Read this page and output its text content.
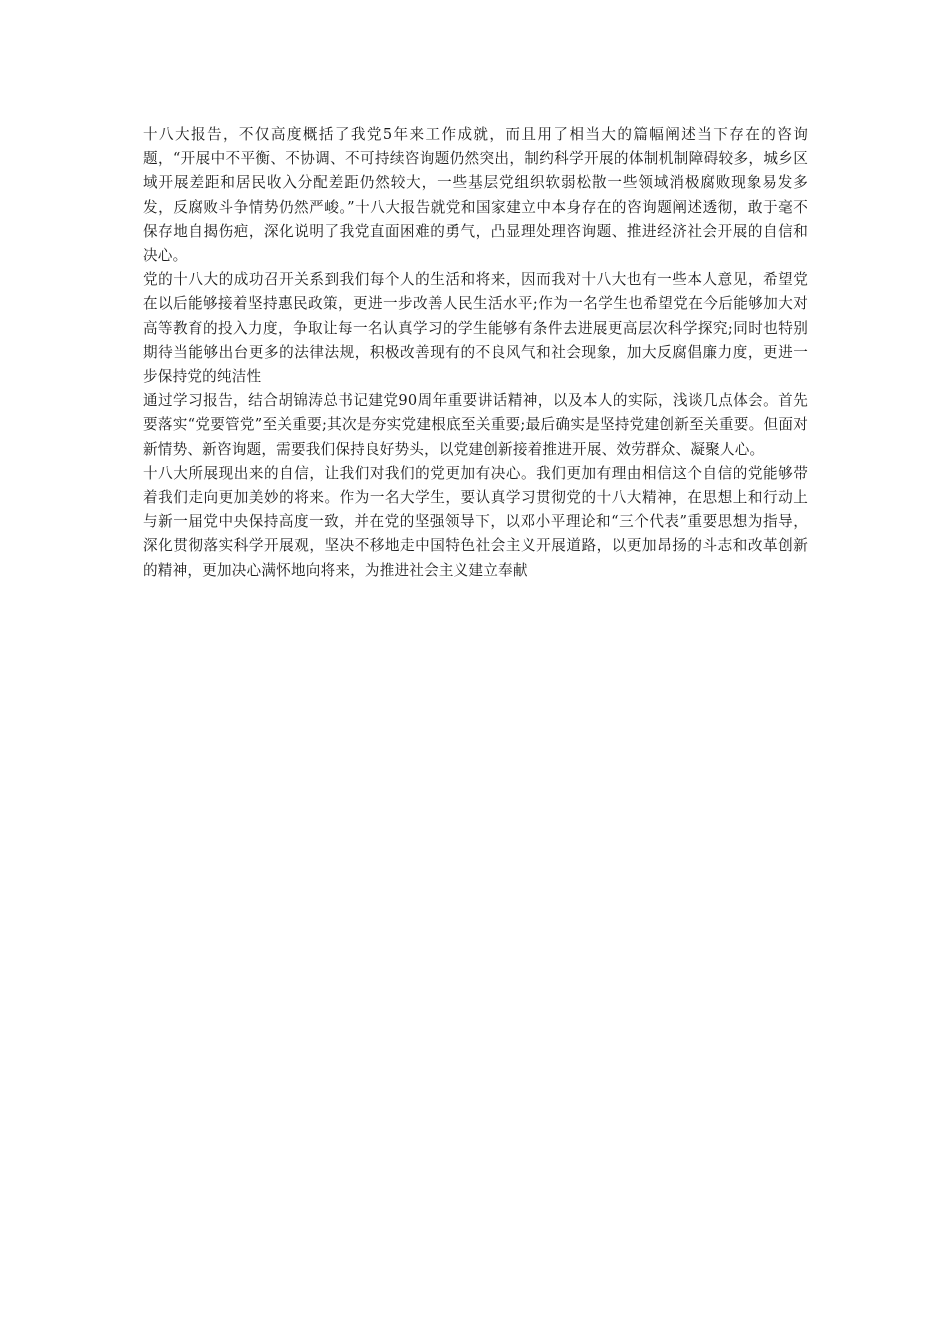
十八大报告，不仅高度概括了我党5年来工作成就，而且用了相当大的篇幅阐述当下存在的咨询题，“开展中不平衡、不协调、不可持续咨询题仍然突出，制约科学开展的体制机制障碍较多，城乡区域开展差距和居民收入分配差距仍然较大，一些基层党组织软弱松散一些领域消极腐败现象易发多发，反腐败斗争情势仍然严峻。”十八大报告就党和国家建立中本身存在的咨询题阐述透彻，敢于毫不保存地自揭伤疤，深化说明了我党直面困难的勇气，凸显理处理咨询题、推进经济社会开展的自信和决心。

党的十八大的成功召开关系到我们每个人的生活和将来，因而我对十八大也有一些本人意见，希望党在以后能够接着坚持惠民政策，更进一步改善人民生活水平;作为一名学生也希望党在今后能够加大对高等教育的投入力度，争取让每一名认真学习的学生能够有条件去进展更高层次科学探究;同时也特别期待当能够出台更多的法律法规，积极改善现有的不良风气和社会现象，加大反腐倡廉力度，更进一步保持党的纯洁性

通过学习报告，结合胡锦涛总书记建党90周年重要讲话精神，以及本人的实际，浅谈几点体会。首先要落实“党要管党”至关重要;其次是夯实党建根底至关重要;最后确实是坚持党建创新至关重要。但面对新情势、新咨询题，需要我们保持良好势头，以党建创新接着推进开展、效劳群众、凝聚人心。

十八大所展现出来的自信，让我们对我们的党更加有决心。我们更加有理由相信这个自信的党能够带着我们走向更加美妙的将来。作为一名大学生，要认真学习贯彻党的十八大精神，在思想上和行动上与新一届党中央保持高度一致，并在党的坚强领导下，以邓小平理论和“三个代表”重要思想为指导，深化贯彻落实科学开展观，坚决不移地走中国特色社会主义开展道路，以更加昂扬的斗志和改革创新的精神，更加决心满怀地向将来，为推进社会主义建立奉献
